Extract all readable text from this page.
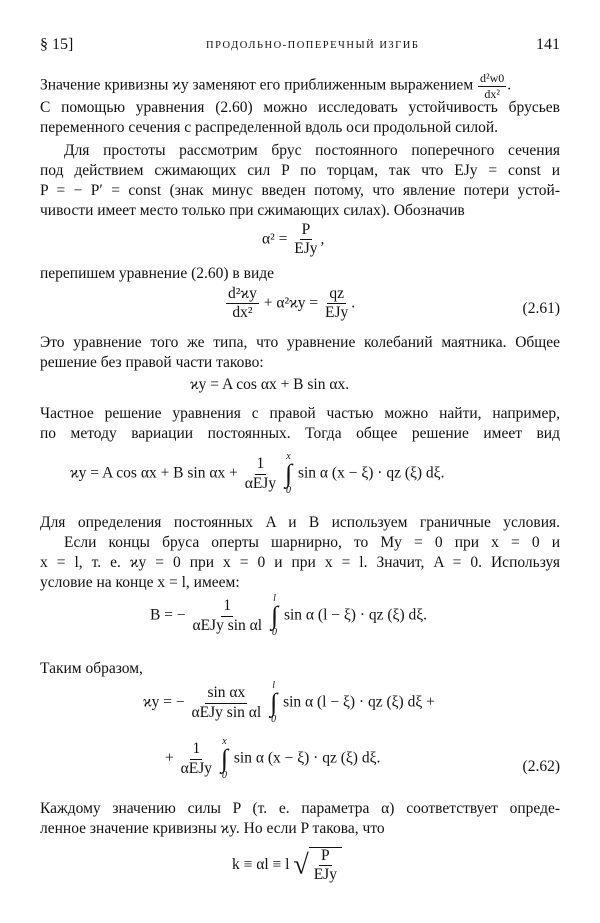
§ 15]	ПРОДОЛЬНО-ПОПЕРЕЧНЫЙ ИЗГИБ	141
Значение кривизны ϰy заменяют его приближенным выражением $\frac{\text{d²w0}}{\text{dx²}}$ .
С помощью уравнения (2.60) можно исследовать устойчивость брусьев
переменного сечения с распределенной вдоль оси продольной силой.
Для простоты рассмотрим брус постоянного поперечного сечения
под действием сжимающих сил P по торцам, так что EJy = const и
P = − P′ = const (знак минус введен потому, что явление потери устой-
чивости имеет место только при сжимающих силах). Обозначив
α² =
P
EJy
,
перепишем уравнение (2.60) в виде
$\frac{\text{d²ϰy}}{\text{dx²}} + \alpha^2ϰy$ =
qz
EJy
.	(2.61)
Это уравнение того же типа, что уравнение колебаний маятника. Общее
решение без правой части таково:
ϰy = A cos αx + B sin αx.
Частное решение уравнения с правой частью можно найти, например,
по методу вариации постоянных. Тогда общее решение имеет вид
ϰy = A cos αx + B sin αx +
1
αEJy

x
∫
0
sin α (x − ξ) · qz (ξ) dξ.
Для определения постоянных A и B используем граничные условия.
Если концы бруса оперты шарнирно, то My = 0 при x = 0 и
x = l, т. е. ϰy = 0 при x = 0 и при x = l. Значит, A = 0. Используя
условие на конце x = l, имеем:
B = −
1
αEJy sin αl

l
∫
0
sin α (l − ξ) · qz (ξ) dξ.
Таким образом,
ϰy = −
sin αx
αEJy sin αl

l
∫
0
sin α (l − ξ) · qz (ξ) dξ +
+
1
αEJy

x
∫
0
sin α (x − ξ) · qz (ξ) dξ.	(2.62)
Каждому значению силы P (т. е. параметра α) соответствует опреде-
ленное значение кривизны ϰy. Но если P такова, что
k ≡ αl ≡ l √ P
EJy
